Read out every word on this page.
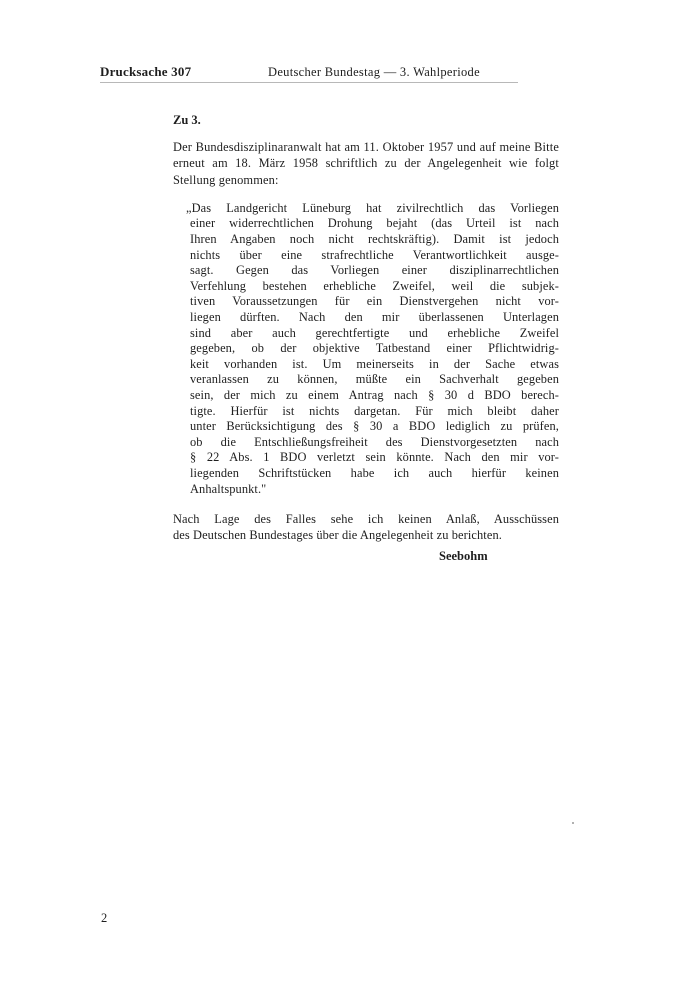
Drucksache 307	Deutscher Bundestag — 3. Wahlperiode
Zu 3.

Der Bundesdisziplinaranwalt hat am 11. Oktober 1957 und auf meine Bitte erneut am 18. März 1958 schriftlich zu der Angelegenheit wie folgt Stellung genommen:

„Das Landgericht Lüneburg hat zivilrechtlich das Vorliegen
einer widerrechtlichen Drohung bejaht (das Urteil ist nach
Ihren Angaben noch nicht rechtskräftig). Damit ist jedoch
nichts über eine strafrechtliche Verantwortlichkeit ausge-
sagt. Gegen das Vorliegen einer disziplinarrechtlichen
Verfehlung bestehen erhebliche Zweifel, weil die subjek-
tiven Voraussetzungen für ein Dienstvergehen nicht vor-
liegen dürften. Nach den mir überlassenen Unterlagen
sind aber auch gerechtfertigte und erhebliche Zweifel
gegeben, ob der objektive Tatbestand einer Pflichtwidrig-
keit vorhanden ist. Um meinerseits in der Sache etwas
veranlassen zu können, müßte ein Sachverhalt gegeben
sein, der mich zu einem Antrag nach § 30 d BDO berech-
tigte. Hierfür ist nichts dargetan. Für mich bleibt daher
unter Berücksichtigung des § 30 a BDO lediglich zu prüfen,
ob die Entschließungsfreiheit des Dienstvorgesetzten nach
§ 22 Abs. 1 BDO verletzt sein könnte. Nach den mir vor-
liegenden Schriftstücken habe ich auch hierfür keinen
Anhaltspunkt."
Nach Lage des Falles sehe ich keinen Anlaß, Ausschüssen
des Deutschen Bundestages über die Angelegenheit zu berichten.
Seebohm
2
